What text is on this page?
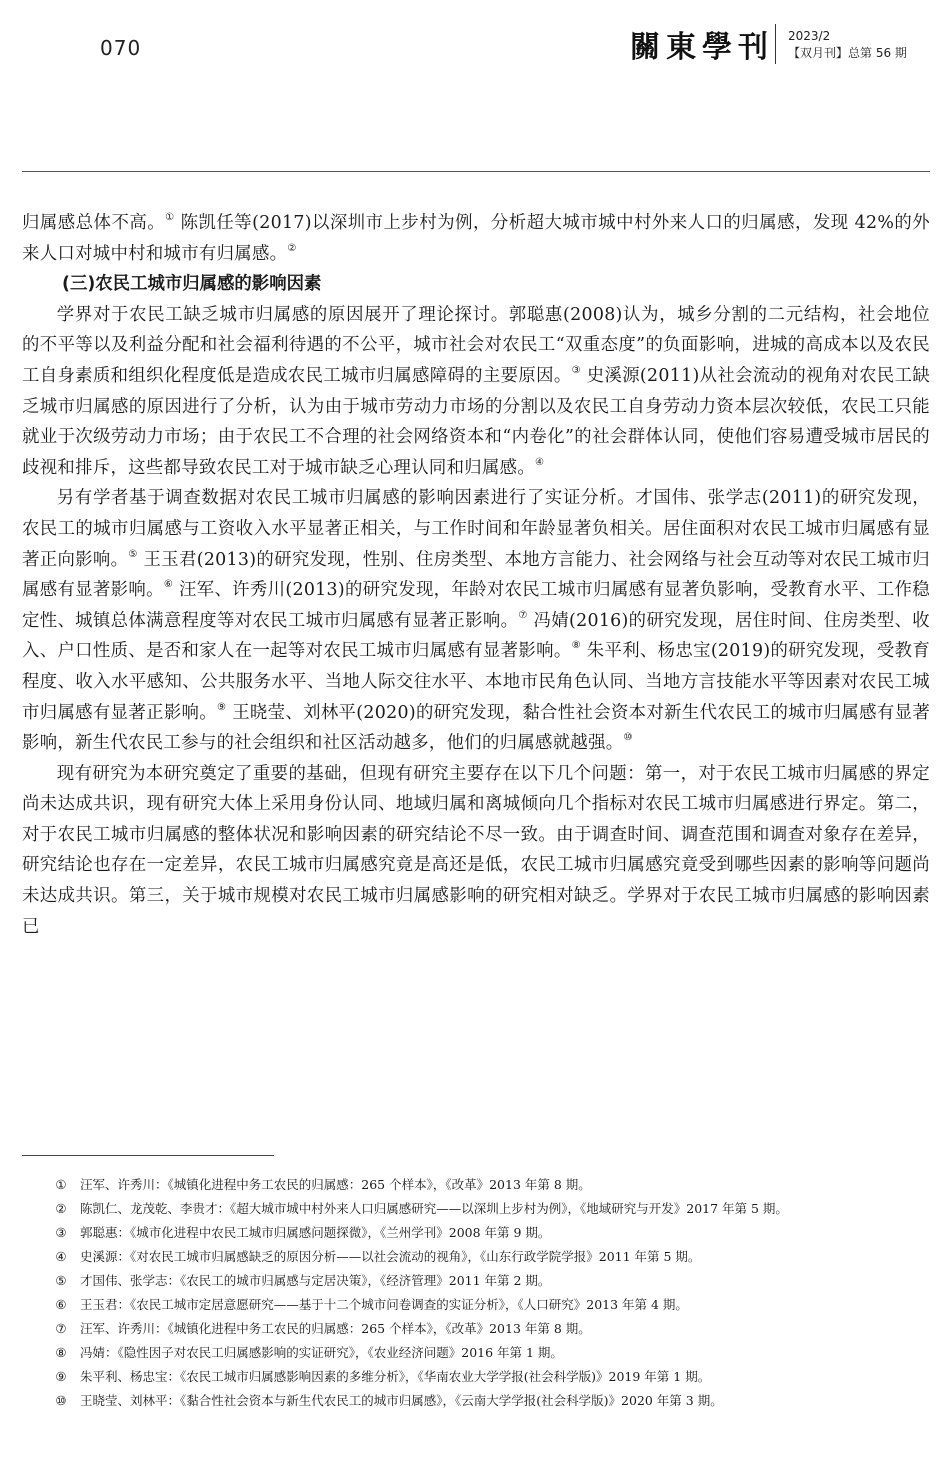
070	關東學刊 2023/2
【双月刊】总第 56 期

归属感总体不高。① 陈凯任等(2017)以深圳市上步村为例，分析超大城市城中村外来人口的归属感，发现 42%的外来人口对城中村和城市有归属感。②

(三)农民工城市归属感的影响因素

学界对于农民工缺乏城市归属感的原因展开了理论探讨。郭聪惠(2008)认为，城乡分割的二元结构，社会地位的不平等以及利益分配和社会福利待遇的不公平，城市社会对农民工“双重态度”的负面影响，进城的高成本以及农民工自身素质和组织化程度低是造成农民工城市归属感障碍的主要原因。③ 史溪源(2011)从社会流动的视角对农民工缺乏城市归属感的原因进行了分析，认为由于城市劳动力市场的分割以及农民工自身劳动力资本层次较低，农民工只能就业于次级劳动力市场；由于农民工不合理的社会网络资本和“内卷化”的社会群体认同，使他们容易遭受城市居民的歧视和排斥，这些都导致农民工对于城市缺乏心理认同和归属感。④

另有学者基于调查数据对农民工城市归属感的影响因素进行了实证分析。才国伟、张学志(2011)的研究发现，农民工的城市归属感与工资收入水平显著正相关，与工作时间和年龄显著负相关。居住面积对农民工城市归属感有显著正向影响。⑤ 王玉君(2013)的研究发现，性别、住房类型、本地方言能力、社会网络与社会互动等对农民工城市归属感有显著影响。⑥ 汪军、许秀川(2013)的研究发现，年龄对农民工城市归属感有显著负影响，受教育水平、工作稳定性、城镇总体满意程度等对农民工城市归属感有显著正影响。⑦ 冯婧(2016)的研究发现，居住时间、住房类型、收入、户口性质、是否和家人在一起等对农民工城市归属感有显著影响。⑧ 朱平利、杨忠宝(2019)的研究发现，受教育程度、收入水平感知、公共服务水平、当地人际交往水平、本地市民角色认同、当地方言技能水平等因素对农民工城市归属感有显著正影响。⑨ 王晓莹、刘林平(2020)的研究发现，黏合性社会资本对新生代农民工的城市归属感有显著影响，新生代农民工参与的社会组织和社区活动越多，他们的归属感就越强。⑩

现有研究为本研究奠定了重要的基础，但现有研究主要存在以下几个问题：第一，对于农民工城市归属感的界定尚未达成共识，现有研究大体上采用身份认同、地域归属和离城倾向几个指标对农民工城市归属感进行界定。第二，对于农民工城市归属感的整体状况和影响因素的研究结论不尽一致。由于调查时间、调查范围和调查对象存在差异，研究结论也存在一定差异，农民工城市归属感究竟是高还是低，农民工城市归属感究竟受到哪些因素的影响等问题尚未达成共识。第三，关于城市规模对农民工城市归属感影响的研究相对缺乏。学界对于农民工城市归属感的影响因素已

① 汪军、许秀川：《城镇化进程中务工农民的归属感：265 个样本》，《改革》2013 年第 8 期。
② 陈凯仁、龙茂乾、李贵才：《超大城市城中村外来人口归属感研究——以深圳上步村为例》，《地域研究与开发》2017 年第 5 期。
③ 郭聪惠：《城市化进程中农民工城市归属感问题探微》，《兰州学刊》2008 年第 9 期。
④ 史溪源：《对农民工城市归属感缺乏的原因分析——以社会流动的视角》，《山东行政学院学报》2011 年第 5 期。
⑤ 才国伟、张学志：《农民工的城市归属感与定居决策》，《经济管理》2011 年第 2 期。
⑥ 王玉君：《农民工城市定居意愿研究——基于十二个城市问卷调查的实证分析》，《人口研究》2013 年第 4 期。
⑦ 汪军、许秀川：《城镇化进程中务工农民的归属感：265 个样本》，《改革》2013 年第 8 期。
⑧ 冯婧：《隐性因子对农民工归属感影响的实证研究》，《农业经济问题》2016 年第 1 期。
⑨ 朱平利、杨忠宝：《农民工城市归属感影响因素的多维分析》，《华南农业大学学报(社会科学版)》2019 年第 1 期。
⑩ 王晓莹、刘林平：《黏合性社会资本与新生代农民工的城市归属感》，《云南大学学报(社会科学版)》2020 年第 3 期。
